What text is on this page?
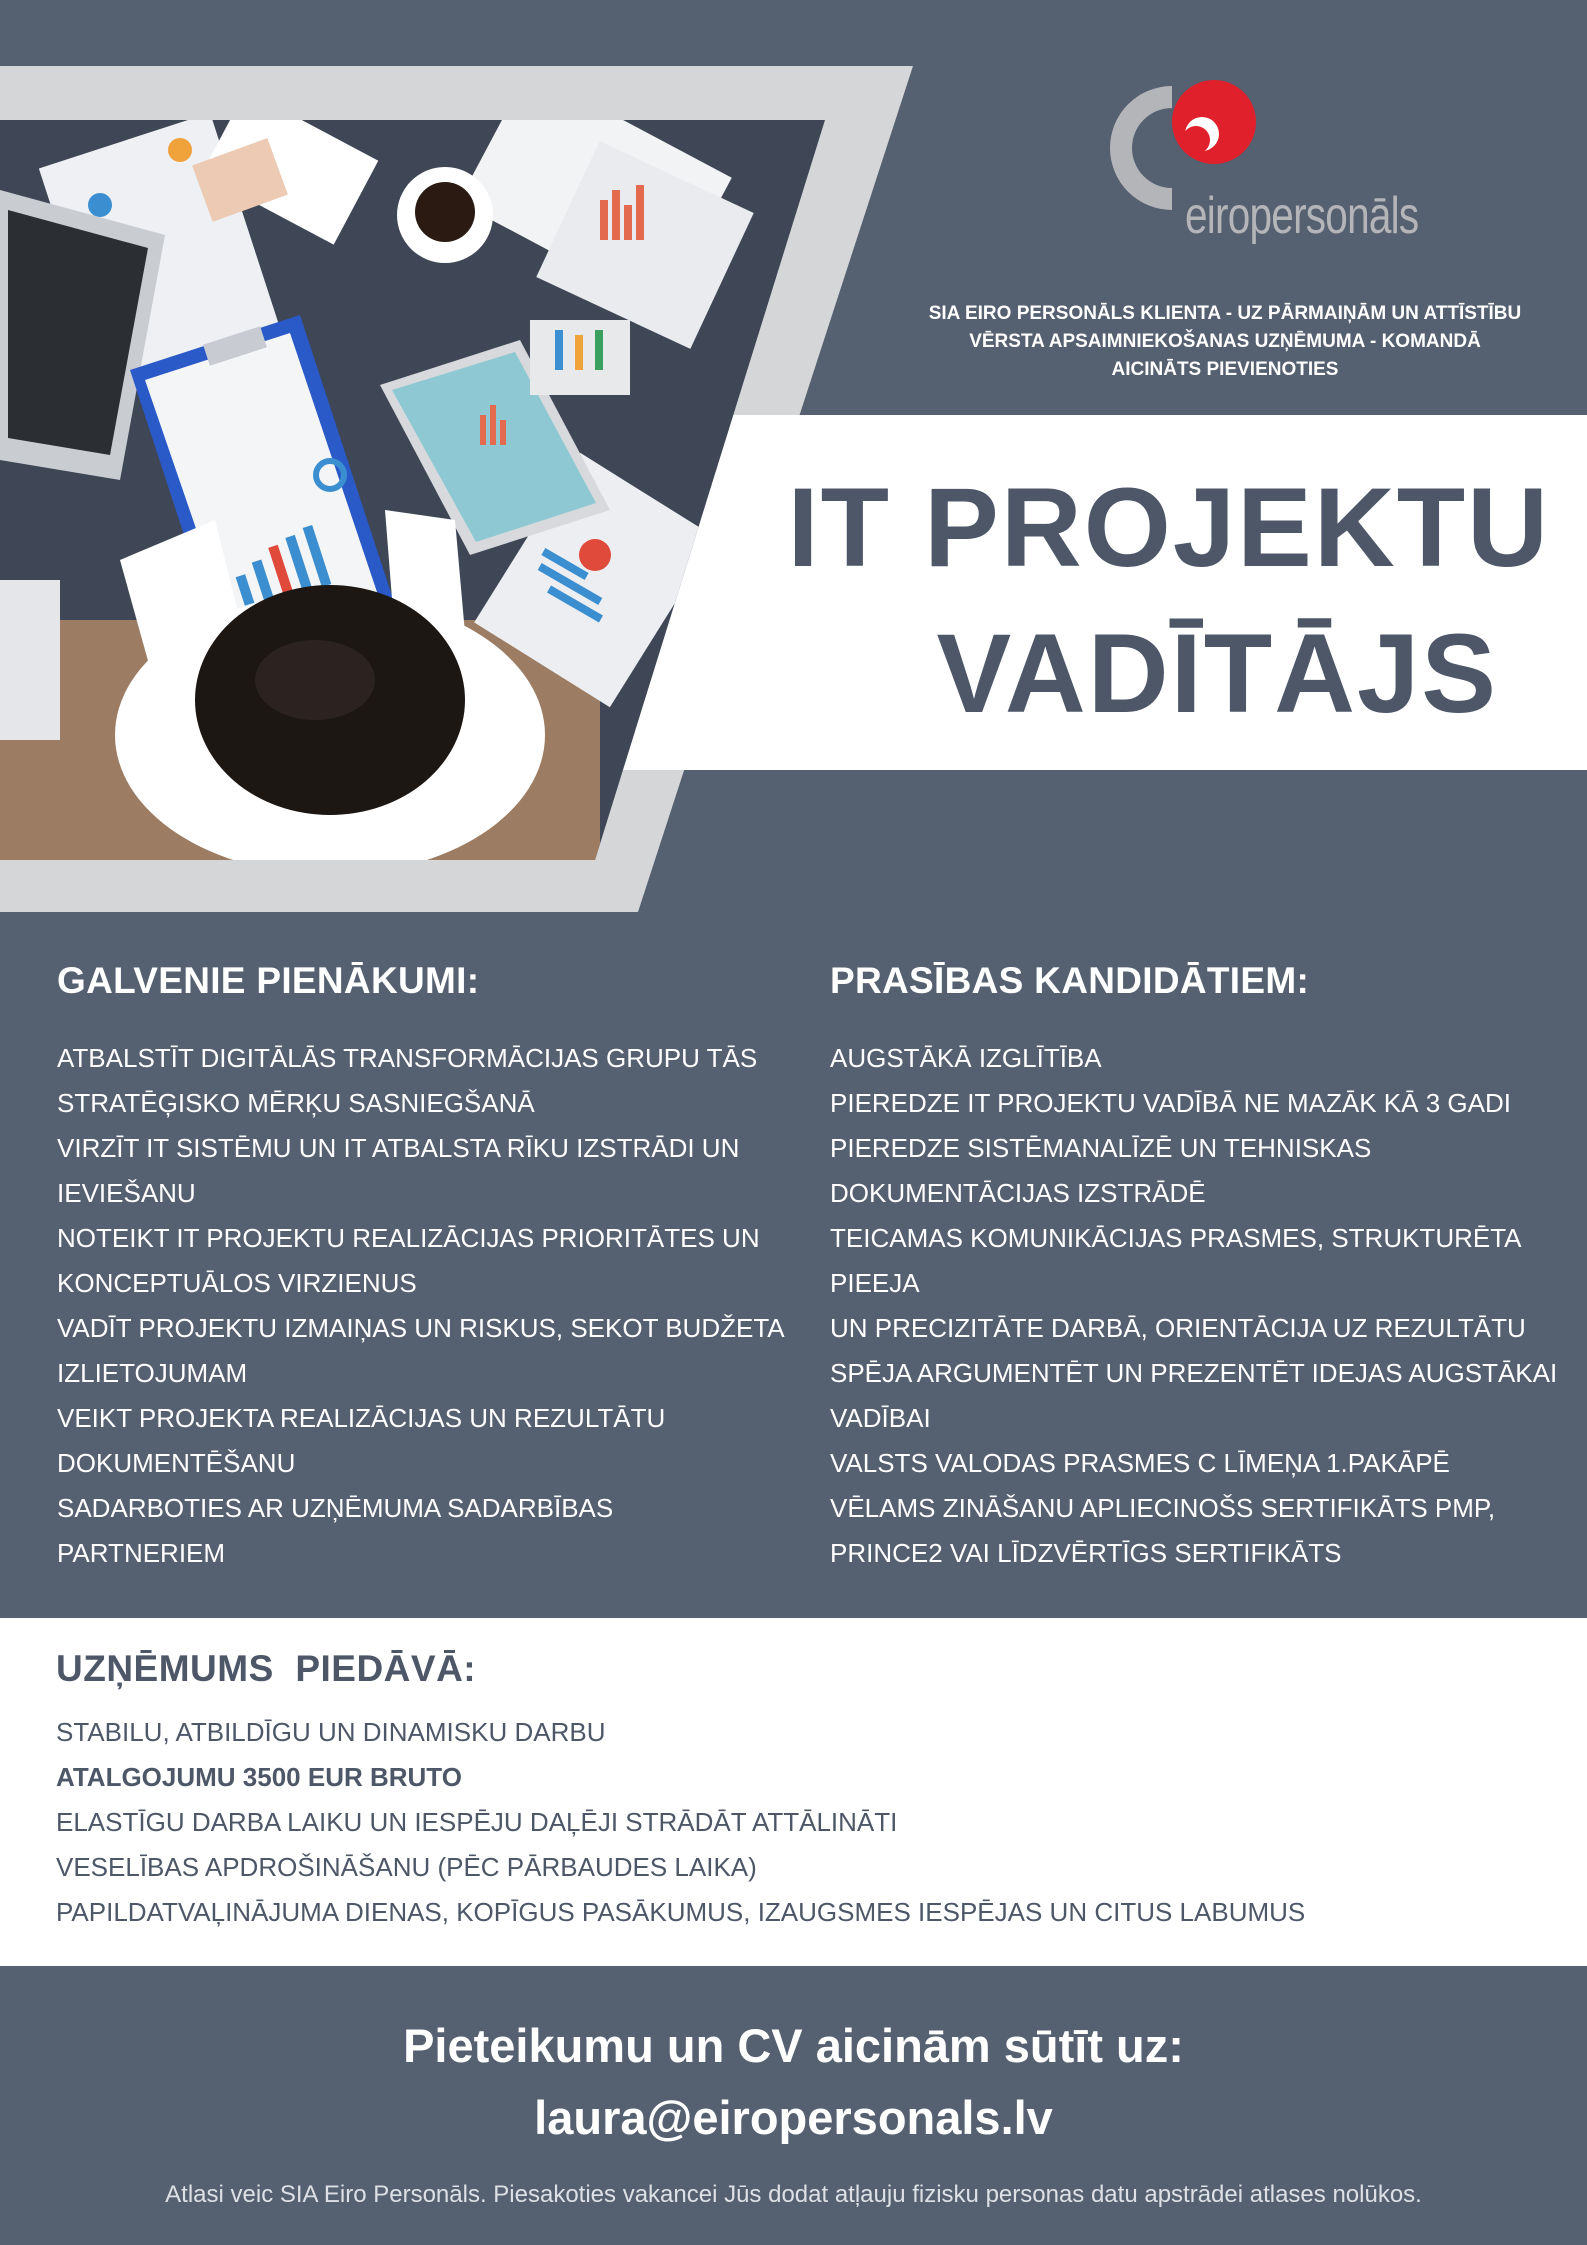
eiropersonāls
SIA EIRO PERSONĀLS KLIENTA - UZ PĀRMAIŅĀM UN ATTĪSTĪBU
VĒRSTA APSAIMNIEKOŠANAS UZŅĒMUMA - KOMANDĀ
AICINĀTS PIEVIENOTIES
IT PROJEKTU
VADĪTĀJS
GALVENIE PIENĀKUMI:
ATBALSTĪT DIGITĀLĀS TRANSFORMĀCIJAS GRUPU TĀS
STRATĒĢISKO MĒRĶU SASNIEGŠANĀ
VIRZĪT IT SISTĒMU UN IT ATBALSTA RĪKU IZSTRĀDI UN
IEVIEŠANU
NOTEIKT IT PROJEKTU REALIZĀCIJAS PRIORITĀTES UN
KONCEPTUĀLOS VIRZIENUS
VADĪT PROJEKTU IZMAIŅAS UN RISKUS, SEKOT BUDŽETA
IZLIETOJUMAM
VEIKT PROJEKTA REALIZĀCIJAS UN REZULTĀTU
DOKUMENTĒŠANU
SADARBOTIES AR UZŅĒMUMA SADARBĪBAS
PARTNERIEM
PRASĪBAS KANDIDĀTIEM:
AUGSTĀKĀ IZGLĪTĪBA
PIEREDZE IT PROJEKTU VADĪBĀ NE MAZĀK KĀ 3 GADI
PIEREDZE SISTĒMANALĪZĒ UN TEHNISKAS
DOKUMENTĀCIJAS IZSTRĀDĒ
TEICAMAS KOMUNIKĀCIJAS PRASMES, STRUKTURĒTA PIEEJA
UN PRECIZITĀTE DARBĀ, ORIENTĀCIJA UZ REZULTĀTU
SPĒJA ARGUMENTĒT UN PREZENTĒT IDEJAS AUGSTĀKAI
VADĪBAI
VALSTS VALODAS PRASMES C LĪMEŅA 1.PAKĀPĒ
VĒLAMS ZINĀŠANU APLIECINOŠS SERTIFIKĀTS PMP,
PRINCE2 VAI LĪDZVĒRTĪGS SERTIFIKĀTS
UZŅĒMUMS  PIEDĀVĀ:
STABILU, ATBILDĪGU UN DINAMISKU DARBU
ATALGOJUMU 3500 EUR BRUTO
ELASTĪGU DARBA LAIKU UN IESPĒJU DAĻĒJI STRĀDĀT ATTĀLINĀTI
VESELĪBAS APDROŠINĀŠANU (PĒC PĀRBAUDES LAIKA)
PAPILDATVAĻINĀJUMA DIENAS, KOPĪGUS PASĀKUMUS, IZAUGSMES IESPĒJAS UN CITUS LABUMUS
Pieteikumu un CV aicinām sūtīt uz:
laura@eiropersonals.lv
Atlasi veic SIA Eiro Personāls. Piesakoties vakancei Jūs dodat atļauju fizisku personas datu apstrādei atlases nolūkos.
